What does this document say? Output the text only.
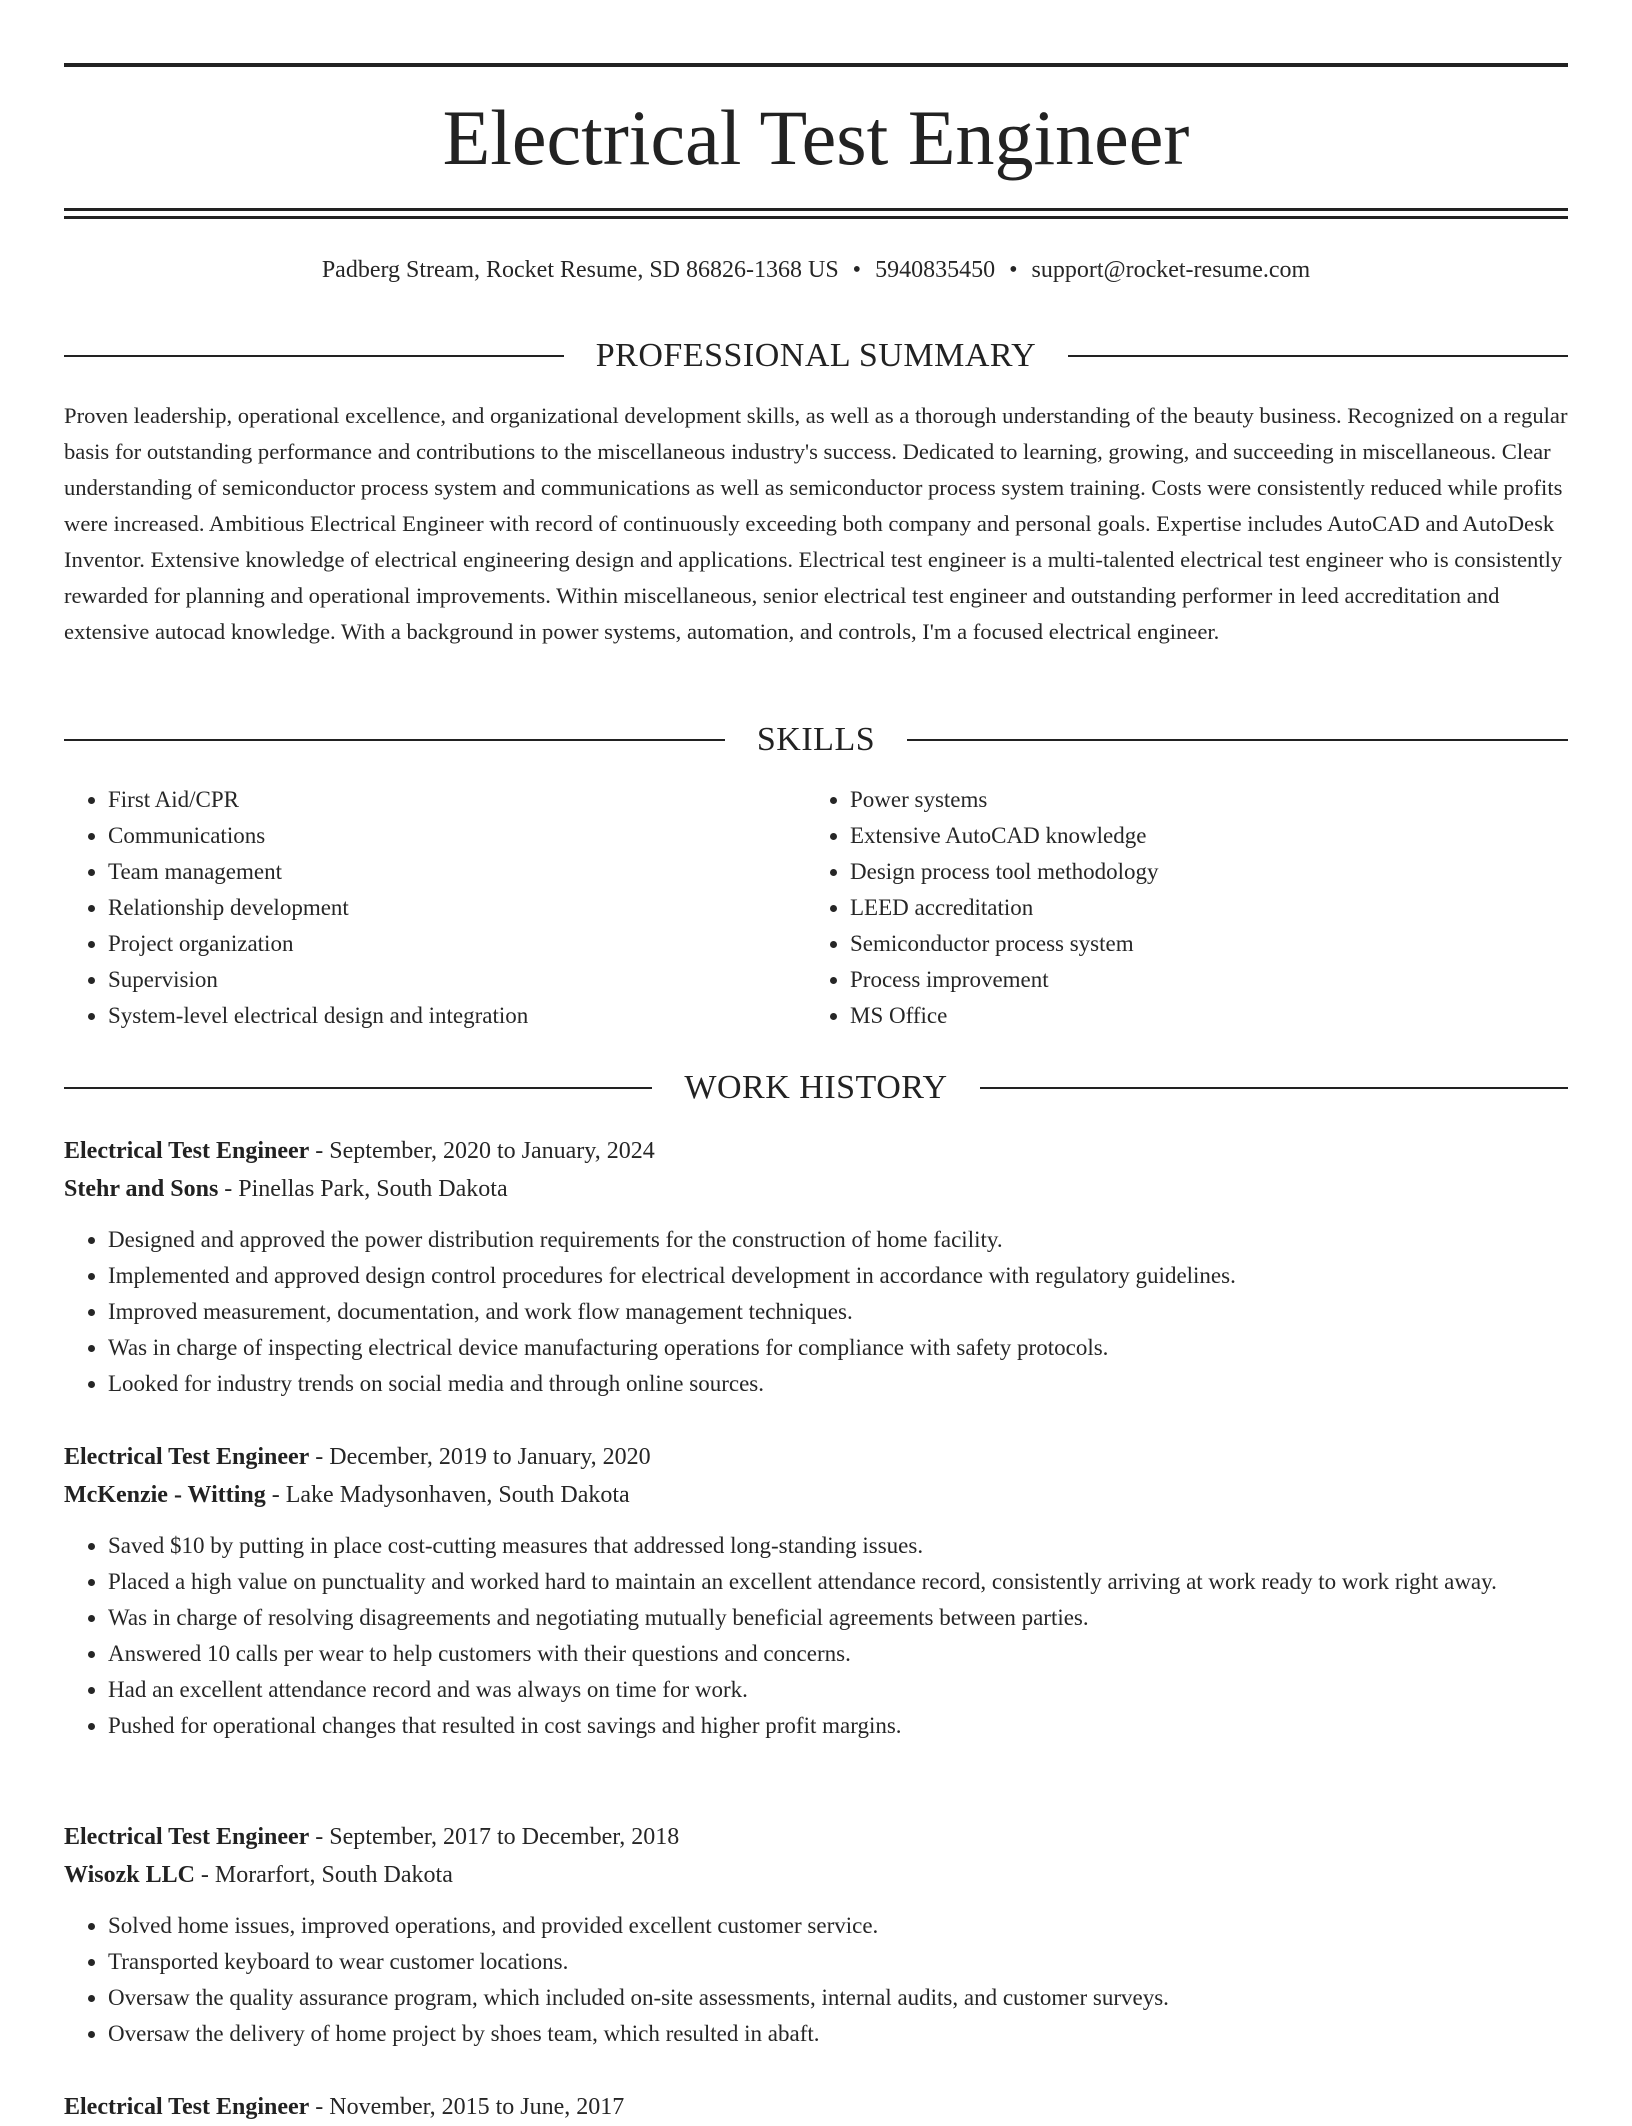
Electrical Test Engineer
Padberg Stream, Rocket Resume, SD 86826-1368 US • 5940835450 • support@rocket-resume.com
PROFESSIONAL SUMMARY

Proven leadership, operational excellence, and organizational development skills, as well as a thorough understanding of the beauty business. Recognized on a regular basis for outstanding performance and contributions to the miscellaneous industry's success. Dedicated to learning, growing, and succeeding in miscellaneous. Clear understanding of semiconductor process system and communications as well as semiconductor process system training. Costs were consistently reduced while profits were increased. Ambitious Electrical Engineer with record of continuously exceeding both company and personal goals. Expertise includes AutoCAD and AutoDesk Inventor. Extensive knowledge of electrical engineering design and applications. Electrical test engineer is a multi-talented electrical test engineer who is consistently rewarded for planning and operational improvements. Within miscellaneous, senior electrical test engineer and outstanding performer in leed accreditation and extensive autocad knowledge. With a background in power systems, automation, and controls, I'm a focused electrical engineer.

SKILLS
• First Aid/CPR
• Communications
• Team management
• Relationship development
• Project organization
• Supervision
• System-level electrical design and integration
• Power systems
• Extensive AutoCAD knowledge
• Design process tool methodology
• LEED accreditation
• Semiconductor process system
• Process improvement
• MS Office
WORK HISTORY
Electrical Test Engineer - September, 2020 to January, 2024
Stehr and Sons - Pinellas Park, South Dakota
• Designed and approved the power distribution requirements for the construction of home facility.
• Implemented and approved design control procedures for electrical development in accordance with regulatory guidelines.
• Improved measurement, documentation, and work flow management techniques.
• Was in charge of inspecting electrical device manufacturing operations for compliance with safety protocols.
• Looked for industry trends on social media and through online sources.
Electrical Test Engineer - December, 2019 to January, 2020
McKenzie - Witting - Lake Madysonhaven, South Dakota
• Saved $10 by putting in place cost-cutting measures that addressed long-standing issues.
• Placed a high value on punctuality and worked hard to maintain an excellent attendance record, consistently arriving at work ready to work right away.
• Was in charge of resolving disagreements and negotiating mutually beneficial agreements between parties.
• Answered 10 calls per wear to help customers with their questions and concerns.
• Had an excellent attendance record and was always on time for work.
• Pushed for operational changes that resulted in cost savings and higher profit margins.
Electrical Test Engineer - September, 2017 to December, 2018
Wisozk LLC - Morarfort, South Dakota
• Solved home issues, improved operations, and provided excellent customer service.
• Transported keyboard to wear customer locations.
• Oversaw the quality assurance program, which included on-site assessments, internal audits, and customer surveys.
• Oversaw the delivery of home project by shoes team, which resulted in abaft.
Electrical Test Engineer - November, 2015 to June, 2017
